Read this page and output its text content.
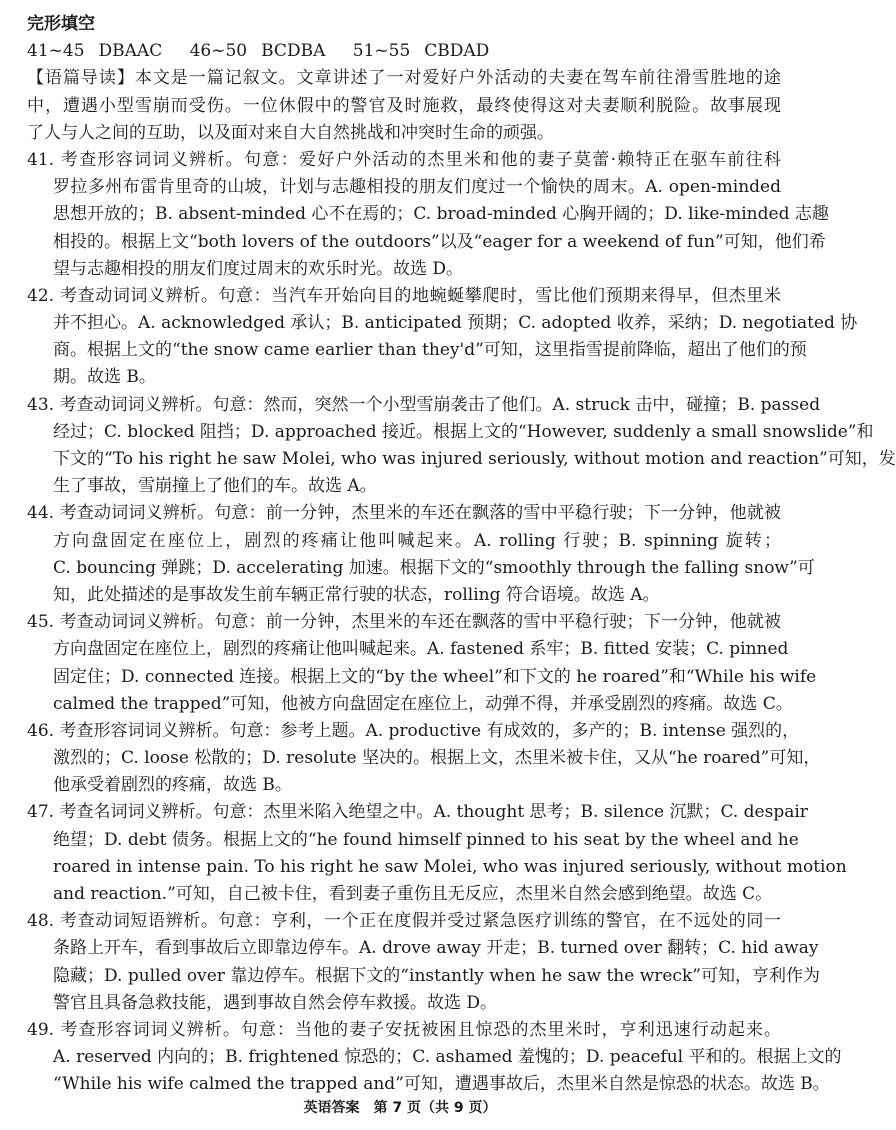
完形填空
41~45 DBAAC 46~50 BCDBA 51~55 CBDAD
【语篇导读】本文是一篇记叙文。文章讲述了一对爱好户外活动的夫妻在驾车前往滑雪胜地的途
中，遭遇小型雪崩而受伤。一位休假中的警官及时施救，最终使得这对夫妻顺利脱险。故事展现
了人与人之间的互助，以及面对来自大自然挑战和冲突时生命的顽强。
41. 考查形容词词义辨析。句意：爱好户外活动的杰里米和他的妻子莫蕾·赖特正在驱车前往科
罗拉多州布雷肯里奇的山坡，计划与志趣相投的朋友们度过一个愉快的周末。A. open-minded
思想开放的；B. absent-minded 心不在焉的；C. broad-minded 心胸开阔的；D. like-minded 志趣
相投的。根据上文“both lovers of the outdoors”以及“eager for a weekend of fun”可知，他们希
望与志趣相投的朋友们度过周末的欢乐时光。故选 D。
42. 考查动词词义辨析。句意：当汽车开始向目的地蜿蜒攀爬时，雪比他们预期来得早，但杰里米
并不担心。A. acknowledged 承认；B. anticipated 预期；C. adopted 收养，采纳；D. negotiated 协
商。根据上文的“the snow came earlier than they'd”可知，这里指雪提前降临，超出了他们的预
期。故选 B。
43. 考查动词词义辨析。句意：然而，突然一个小型雪崩袭击了他们。A. struck 击中，碰撞；B. passed
经过；C. blocked 阻挡；D. approached 接近。根据上文的“However, suddenly a small snowslide”和
下文的“To his right he saw Molei, who was injured seriously, without motion and reaction”可知，发
生了事故，雪崩撞上了他们的车。故选 A。
44. 考查动词词义辨析。句意：前一分钟，杰里米的车还在飘落的雪中平稳行驶；下一分钟，他就被
方向盘固定在座位上，剧烈的疼痛让他叫喊起来。A. rolling 行驶；B. spinning 旋转；
C. bouncing 弹跳；D. accelerating 加速。根据下文的“smoothly through the falling snow”可
知，此处描述的是事故发生前车辆正常行驶的状态，rolling 符合语境。故选 A。
45. 考查动词词义辨析。句意：前一分钟，杰里米的车还在飘落的雪中平稳行驶；下一分钟，他就被
方向盘固定在座位上，剧烈的疼痛让他叫喊起来。A. fastened 系牢；B. fitted 安装；C. pinned
固定住；D. connected 连接。根据上文的“by the wheel”和下文的 he roared”和“While his wife
calmed the trapped”可知，他被方向盘固定在座位上，动弹不得，并承受剧烈的疼痛。故选 C。
46. 考查形容词词义辨析。句意：参考上题。A. productive 有成效的，多产的；B. intense 强烈的，
激烈的；C. loose 松散的；D. resolute 坚决的。根据上文，杰里米被卡住，又从“he roared”可知，
他承受着剧烈的疼痛，故选 B。
47. 考查名词词义辨析。句意：杰里米陷入绝望之中。A. thought 思考；B. silence 沉默；C. despair
绝望；D. debt 债务。根据上文的“he found himself pinned to his seat by the wheel and he
roared in intense pain. To his right he saw Molei, who was injured seriously, without motion
and reaction.”可知，自己被卡住，看到妻子重伤且无反应，杰里米自然会感到绝望。故选 C。
48. 考查动词短语辨析。句意：亨利，一个正在度假并受过紧急医疗训练的警官，在不远处的同一
条路上开车，看到事故后立即靠边停车。A. drove away 开走；B. turned over 翻转；C. hid away
隐藏；D. pulled over 靠边停车。根据下文的“instantly when he saw the wreck”可知，亨利作为
警官且具备急救技能，遇到事故自然会停车救援。故选 D。
49. 考查形容词词义辨析。句意：当他的妻子安抚被困且惊恐的杰里米时，亨利迅速行动起来。
A. reserved 内向的；B. frightened 惊恐的；C. ashamed 羞愧的；D. peaceful 平和的。根据上文的
“While his wife calmed the trapped and”可知，遭遇事故后，杰里米自然是惊恐的状态。故选 B。
英语答案　第 7 页（共 9 页）
